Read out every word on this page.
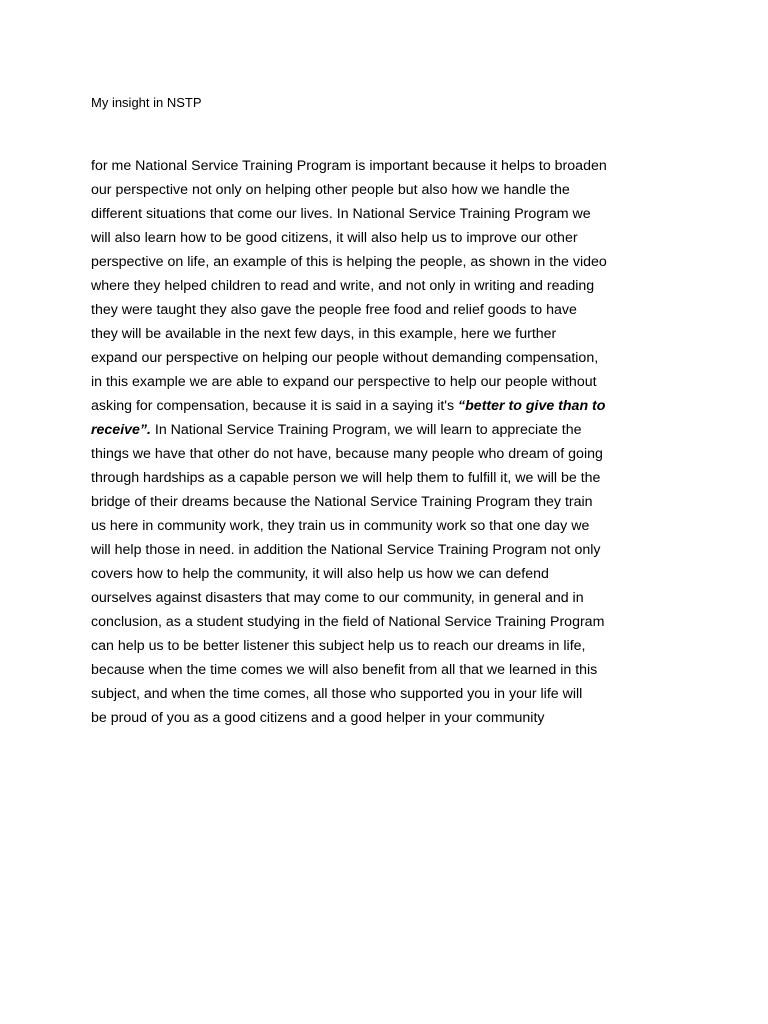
My insight in NSTP
for me National Service Training Program is important because it helps to broaden
our perspective not only on helping other people but also how we handle the
different situations that come our lives. In National Service Training Program we
will also learn how to be good citizens, it will also help us to improve our other
perspective on life, an example of this is helping the people, as shown in the video
where they helped children to read and write, and not only in writing and reading
they were taught they also gave the people free food and relief goods to have
they will be available in the next few days, in this example, here we further
expand our perspective on helping our people without demanding compensation,
in this example we are able to expand our perspective to help our people without
asking for compensation, because it is said in a saying it's “better to give than to
receive”. In National Service Training Program, we will learn to appreciate the
things we have that other do not have, because many people who dream of going
through hardships as a capable person we will help them to fulfill it, we will be the
bridge of their dreams because the National Service Training Program they train
us here in community work, they train us in community work so that one day we
will help those in need. in addition the National Service Training Program not only
covers how to help the community, it will also help us how we can defend
ourselves against disasters that may come to our community, in general and in
conclusion, as a student studying in the field of National Service Training Program
can help us to be better listener this subject help us to reach our dreams in life,
because when the time comes we will also benefit from all that we learned in this
subject, and when the time comes, all those who supported you in your life will
be proud of you as a good citizens and a good helper in your community
